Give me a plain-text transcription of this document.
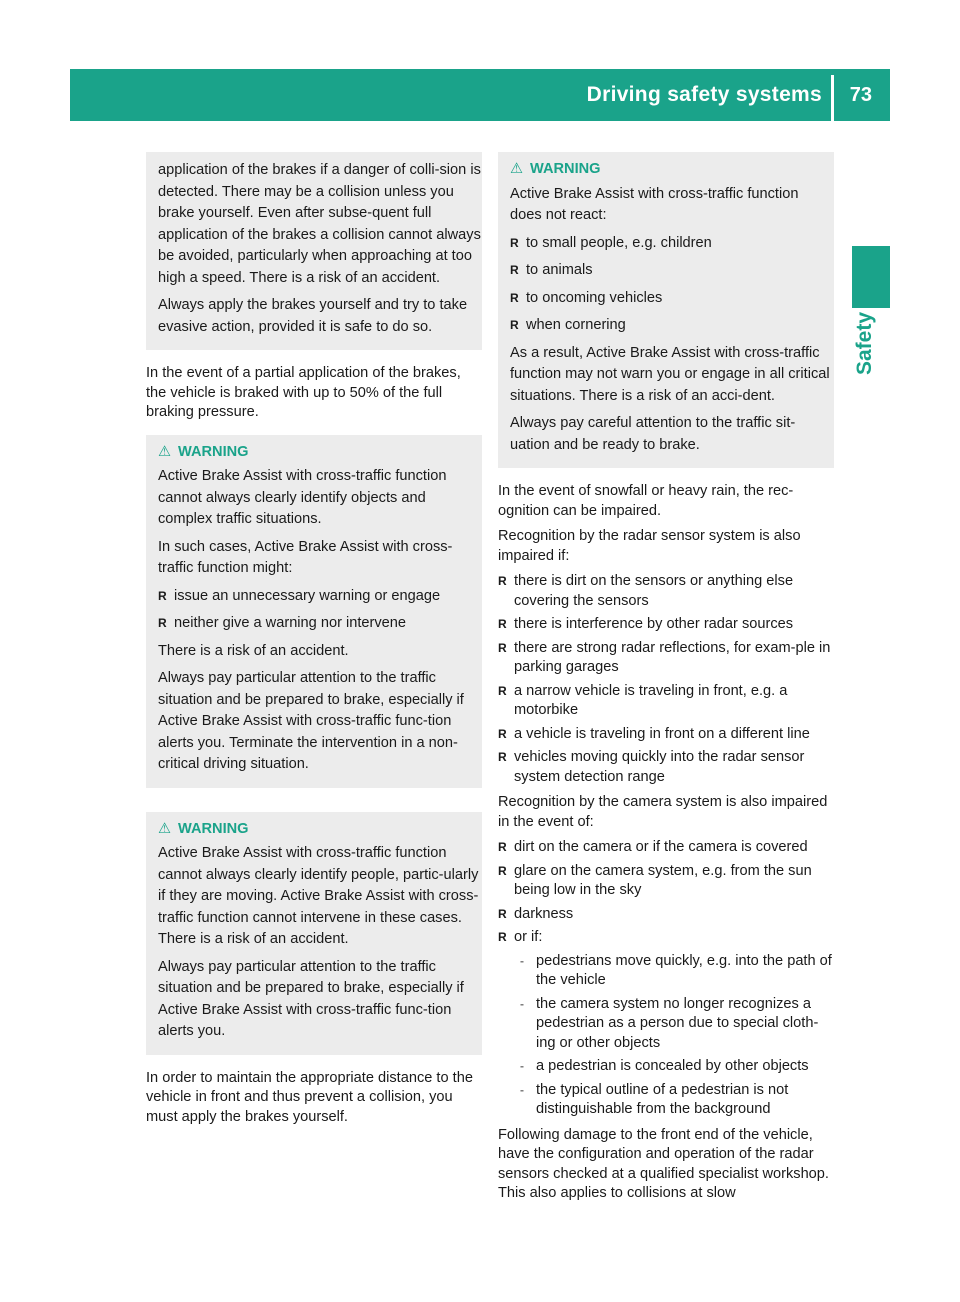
Driving safety systems 73
Safety

application of the brakes if a danger of colli-sion is detected. There may be a collision unless you brake yourself. Even after subse-quent full application of the brakes a collision cannot always be avoided, particularly when approaching at too high a speed. There is a risk of an accident.

Always apply the brakes yourself and try to take evasive action, provided it is safe to do so.

In the event of a partial application of the brakes, the vehicle is braked with up to 50% of the full braking pressure.

⚠ WARNING

Active Brake Assist with cross-traffic function cannot always clearly identify objects and complex traffic situations.

In such cases, Active Brake Assist with cross-traffic function might:

R issue an unnecessary warning or engage
R neither give a warning nor intervene

There is a risk of an accident.

Always pay particular attention to the traffic situation and be prepared to brake, especially if Active Brake Assist with cross-traffic func-tion alerts you. Terminate the intervention in a non-critical driving situation.

⚠ WARNING

Active Brake Assist with cross-traffic function cannot always clearly identify people, partic-ularly if they are moving. Active Brake Assist with cross-traffic function cannot intervene in these cases. There is a risk of an accident.

Always pay particular attention to the traffic situation and be prepared to brake, especially if Active Brake Assist with cross-traffic func-tion alerts you.

In order to maintain the appropriate distance to the vehicle in front and thus prevent a collision, you must apply the brakes yourself.

⚠ WARNING

Active Brake Assist with cross-traffic function does not react:

R to small people, e.g. children
R to animals
R to oncoming vehicles
R when cornering

As a result, Active Brake Assist with cross-traffic function may not warn you or engage in all critical situations. There is a risk of an acci-dent.

Always pay careful attention to the traffic sit-uation and be ready to brake.

In the event of snowfall or heavy rain, the rec-ognition can be impaired.

Recognition by the radar sensor system is also impaired if:

R there is dirt on the sensors or anything else covering the sensors
R there is interference by other radar sources
R there are strong radar reflections, for exam-ple in parking garages
R a narrow vehicle is traveling in front, e.g. a motorbike
R a vehicle is traveling in front on a different line
R vehicles moving quickly into the radar sensor system detection range

Recognition by the camera system is also impaired in the event of:

R dirt on the camera or if the camera is covered
R glare on the camera system, e.g. from the sun being low in the sky
R darkness
R or if:
- pedestrians move quickly, e.g. into the path of the vehicle
- the camera system no longer recognizes a pedestrian as a person due to special cloth-ing or other objects
- a pedestrian is concealed by other objects
- the typical outline of a pedestrian is not distinguishable from the background

Following damage to the front end of the vehicle, have the configuration and operation of the radar sensors checked at a qualified specialist workshop. This also applies to collisions at slow
